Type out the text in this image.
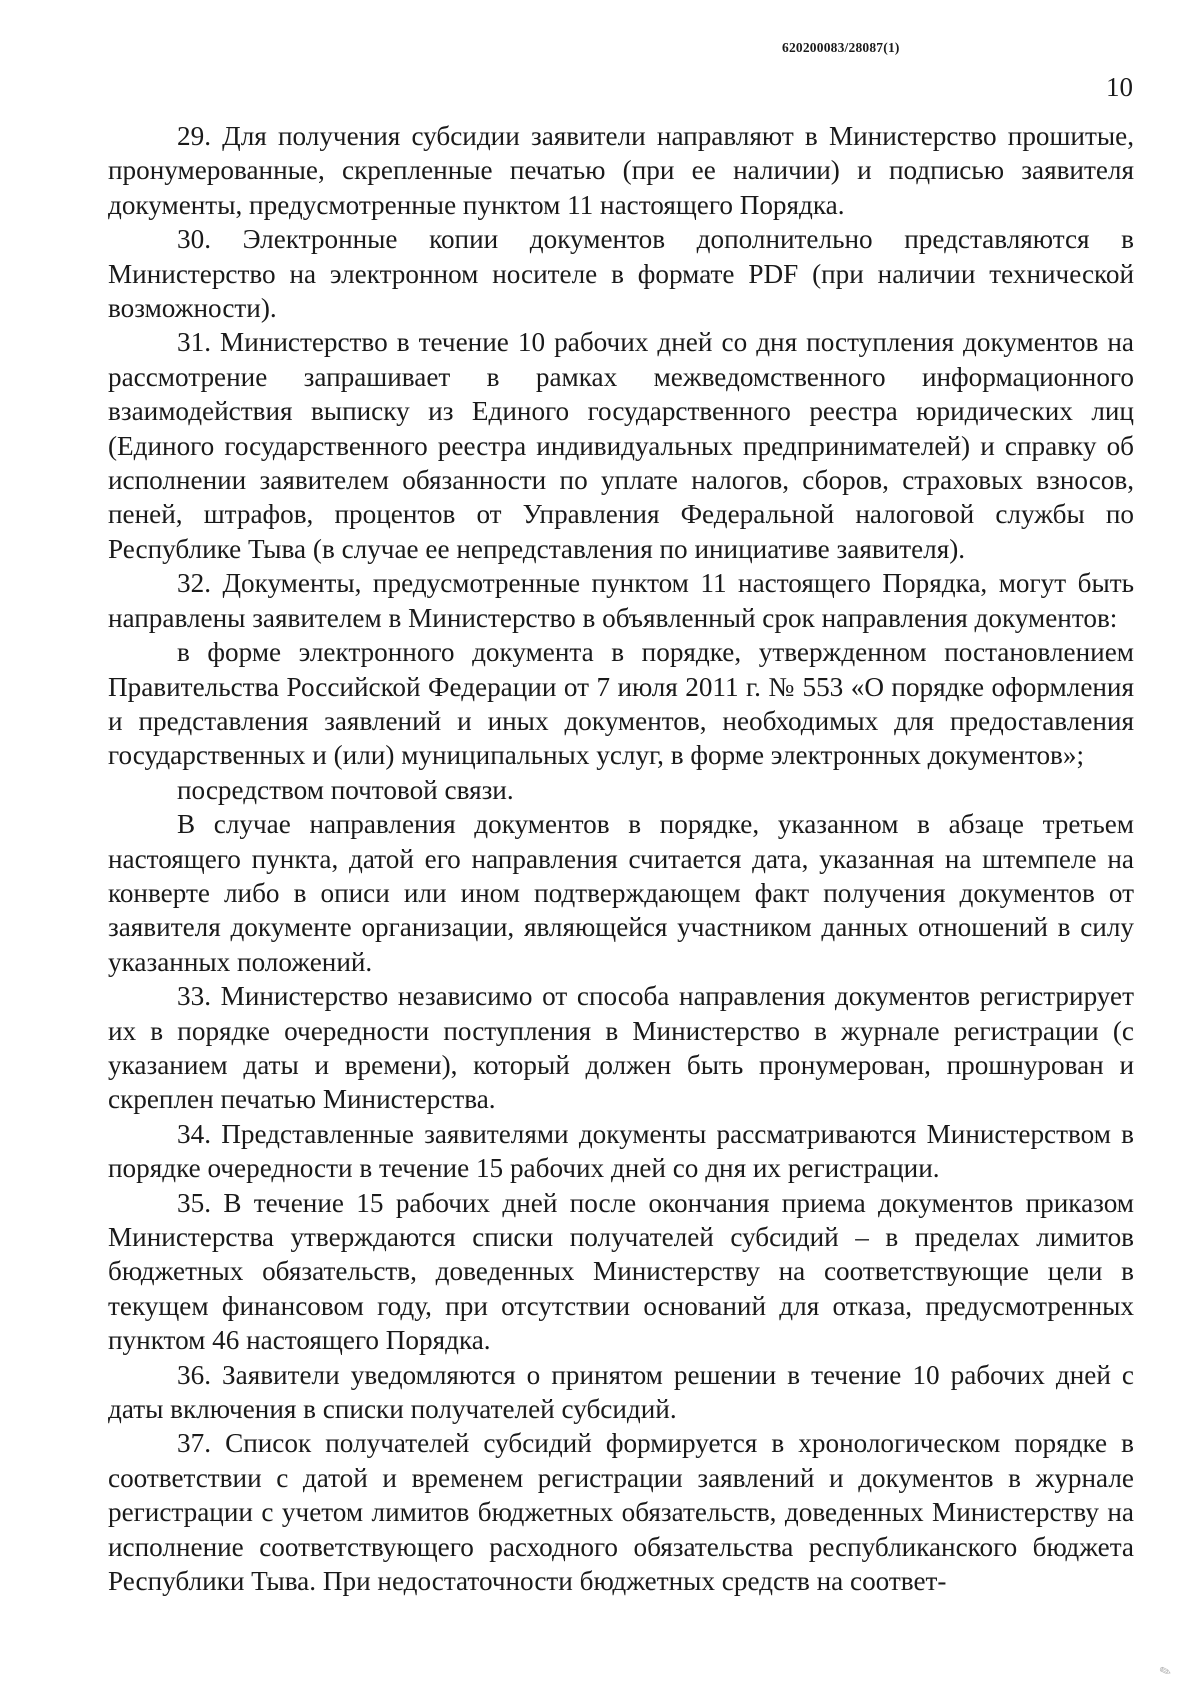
620200083/28087(1)
10

29. Для получения субсидии заявители направляют в Министерство прошитые, пронумерованные, скрепленные печатью (при ее наличии) и подписью заявителя документы, предусмотренные пунктом 11 настоящего Порядка.

30. Электронные копии документов дополнительно представляются в Министерство на электронном носителе в формате PDF (при наличии технической возможности).

31. Министерство в течение 10 рабочих дней со дня поступления документов на рассмотрение запрашивает в рамках межведомственного информационного взаимодействия выписку из Единого государственного реестра юридических лиц (Единого государственного реестра индивидуальных предпринимателей) и справку об исполнении заявителем обязанности по уплате налогов, сборов, страховых взносов, пеней, штрафов, процентов от Управления Федеральной налоговой службы по Республике Тыва (в случае ее непредставления по инициативе заявителя).

32. Документы, предусмотренные пунктом 11 настоящего Порядка, могут быть направлены заявителем в Министерство в объявленный срок направления документов:

в форме электронного документа в порядке, утвержденном постановлением Правительства Российской Федерации от 7 июля 2011 г. № 553 «О порядке оформления и представления заявлений и иных документов, необходимых для предоставления государственных и (или) муниципальных услуг, в форме электронных документов»;

посредством почтовой связи.

В случае направления документов в порядке, указанном в абзаце третьем настоящего пункта, датой его направления считается дата, указанная на штемпеле на конверте либо в описи или ином подтверждающем факт получения документов от заявителя документе организации, являющейся участником данных отношений в силу указанных положений.

33. Министерство независимо от способа направления документов регистрирует их в порядке очередности поступления в Министерство в журнале регистрации (с указанием даты и времени), который должен быть пронумерован, прошнурован и скреплен печатью Министерства.

34. Представленные заявителями документы рассматриваются Министерством в порядке очередности в течение 15 рабочих дней со дня их регистрации.

35. В течение 15 рабочих дней после окончания приема документов приказом Министерства утверждаются списки получателей субсидий – в пределах лимитов бюджетных обязательств, доведенных Министерству на соответствующие цели в текущем финансовом году, при отсутствии оснований для отказа, предусмотренных пунктом 46 настоящего Порядка.

36. Заявители уведомляются о принятом решении в течение 10 рабочих дней с даты включения в списки получателей субсидий.

37. Список получателей субсидий формируется в хронологическом порядке в соответствии с датой и временем регистрации заявлений и документов в журнале регистрации с учетом лимитов бюджетных обязательств, доведенных Министерству на исполнение соответствующего расходного обязательства республиканского бюджета Республики Тыва. При недостаточности бюджетных средств на соответ-

✎
